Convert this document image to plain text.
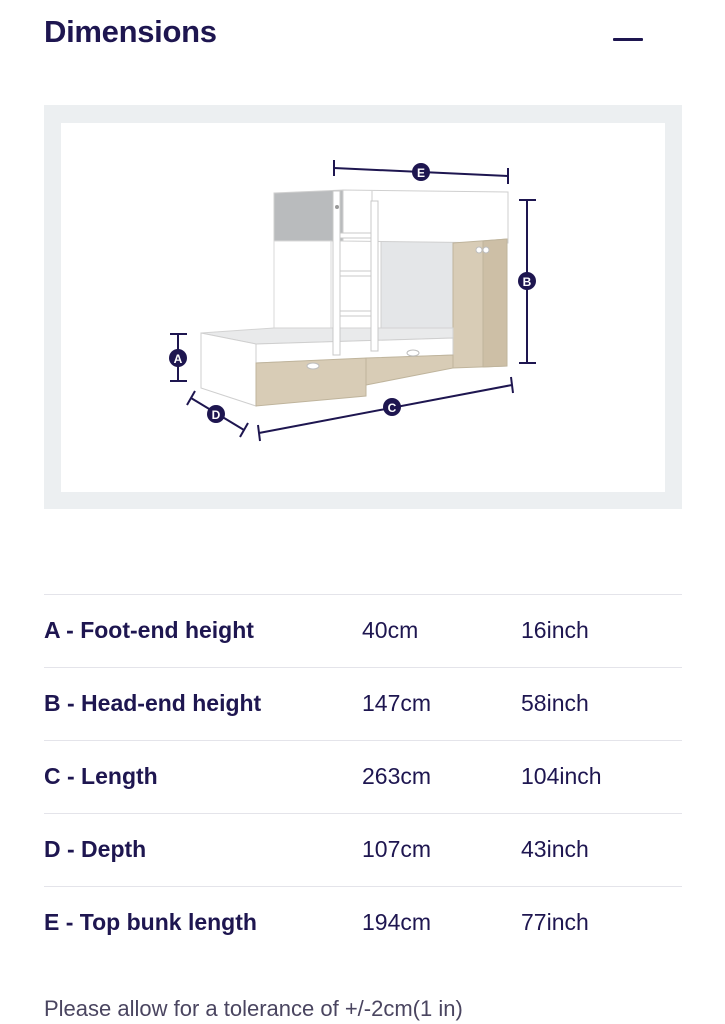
Dimensions
E
B
A
D	C
A - Foot-end height	40cm	16inch
B - Head-end height	147cm	58inch
C - Length	263cm	104inch
D - Depth	107cm	43inch
E - Top bunk length	194cm	77inch
Please allow for a tolerance of +/-2cm(1 in)
